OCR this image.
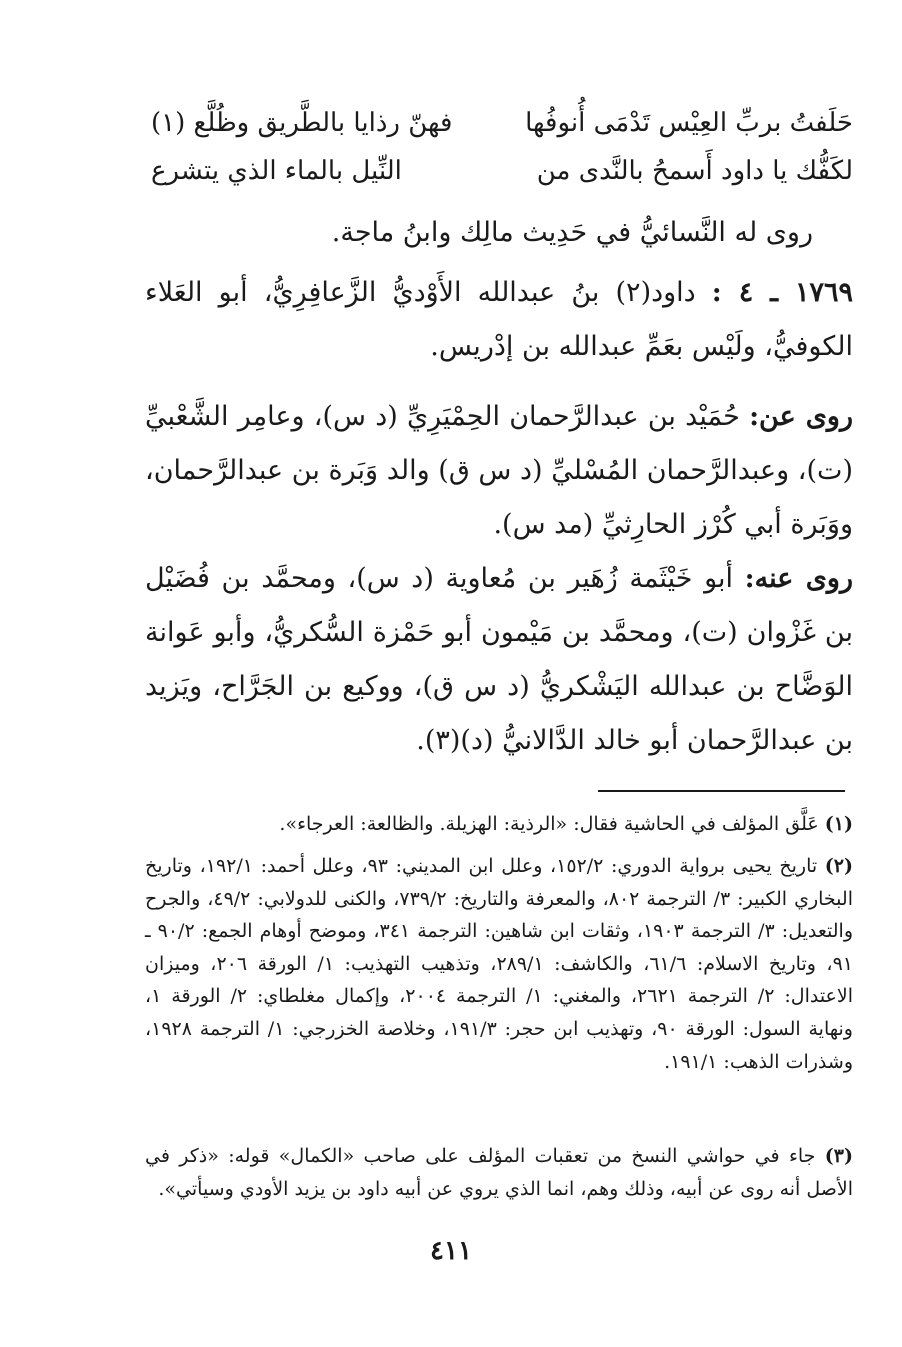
حَلَفتُ بربِّ العِيْس تَدْمَى أُنوفُها
فهنّ رذايا بالطَّريق وظُلَّع (١)
لكَفُّك يا داود أَسمحُ بالنَّدى من
النِّيل بالماء الذي يتشرع
روى له النَّسائيُّ في حَدِيث مالِك وابنُ ماجة.
١٧٦٩ ـ ٤ : داود(٢) بنُ عبدالله الأَوْديُّ الزَّعافِرِيُّ، أبو العَلاء الكوفيُّ، ولَيْس بعَمِّ عبدالله بن إدْريس.
روى عن: حُمَيْد بن عبدالرَّحمان الحِمْيَرِيِّ (د س)، وعامِر الشَّعْبيِّ (ت)، وعبدالرَّحمان المُسْليِّ (د س ق) والد وَبَرة بن عبدالرَّحمان، ووَبَرة أبي كُرْز الحارِثيِّ (مد س).
روى عنه: أبو خَيْثَمة زُهَير بن مُعاوية (د س)، ومحمَّد بن فُضَيْل بن غَزْوان (ت)، ومحمَّد بن مَيْمون أبو حَمْزة السُّكريُّ، وأبو عَوانة الوَضَّاح بن عبدالله اليَشْكريُّ (د س ق)، ووكيع بن الجَرَّاح، ويَزيد بن عبدالرَّحمان أبو خالد الدَّالانيُّ (د)(٣).
(١) عَلَّق المؤلف في الحاشية فقال: «الرذية: الهزيلة. والظالعة: العرجاء».
(٢) تاريخ يحيى برواية الدوري: ١٥٢/٢، وعلل ابن المديني: ٩٣، وعلل أحمد: ١٩٢/١، وتاريخ البخاري الكبير: ٣/ الترجمة ٨٠٢، والمعرفة والتاريخ: ٧٣٩/٢، والكنى للدولابي: ٤٩/٢، والجرح والتعديل: ٣/ الترجمة ١٩٠٣، وثقات ابن شاهين: الترجمة ٣٤١، وموضح أوهام الجمع: ٩٠/٢ ـ ٩١، وتاريخ الاسلام: ٦١/٦، والكاشف: ٢٨٩/١، وتذهيب التهذيب: ١/ الورقة ٢٠٦، وميزان الاعتدال: ٢/ الترجمة ٢٦٢١، والمغني: ١/ الترجمة ٢٠٠٤، وإكمال مغلطاي: ٢/ الورقة ١، ونهاية السول: الورقة ٩٠، وتهذيب ابن حجر: ١٩١/٣، وخلاصة الخزرجي: ١/ الترجمة ١٩٢٨، وشذرات الذهب: ١٩١/١.
(٣) جاء في حواشي النسخ من تعقبات المؤلف على صاحب «الكمال» قوله: «ذكر في الأصل أنه روى عن أبيه، وذلك وهم، انما الذي يروي عن أبيه داود بن يزيد الأودي وسيأتي».
٤١١
